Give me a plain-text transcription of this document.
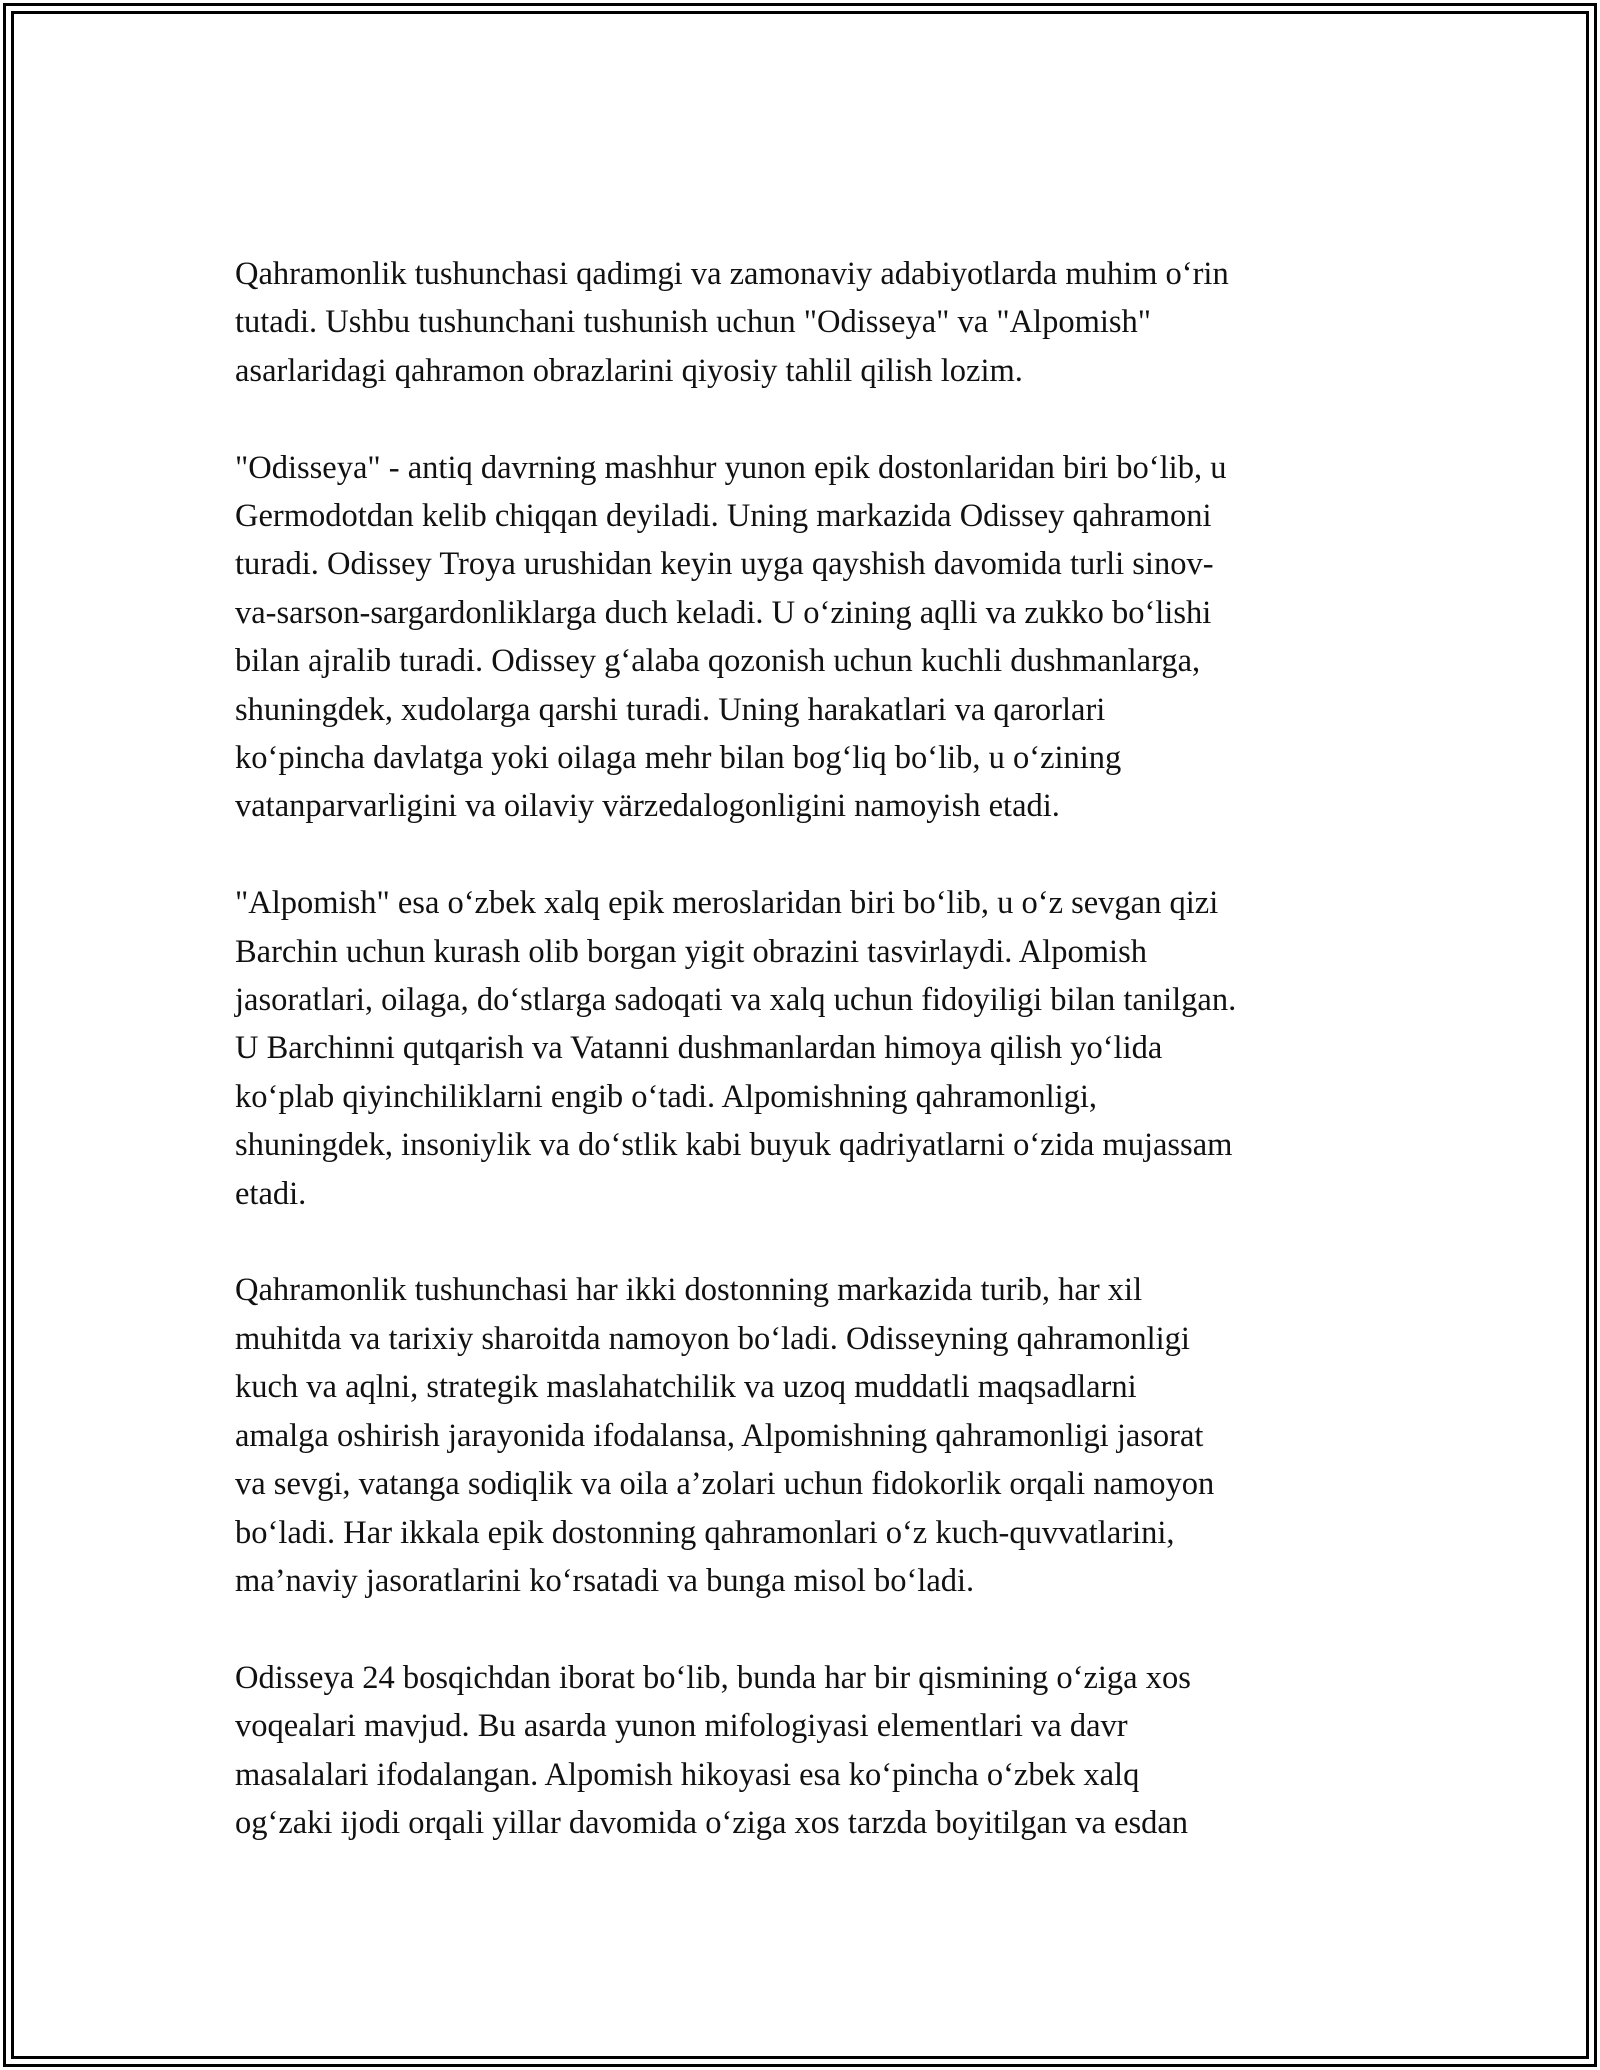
Qahramonlik tushunchasi qadimgi va zamonaviy adabiyotlarda muhim o‘rin
tutadi. Ushbu tushunchani tushunish uchun "Odisseya" va "Alpomish"
asarlaridagi qahramon obrazlarini qiyosiy tahlil qilish lozim.

"Odisseya" - antiq davrning mashhur yunon epik dostonlaridan biri bo‘lib, u
Germodotdan kelib chiqqan deyiladi. Uning markazida Odissey qahramoni
turadi. Odissey Troya urushidan keyin uyga qayshish davomida turli sinov-
va-sarson-sargardonliklarga duch keladi. U o‘zining aqlli va zukko bo‘lishi
bilan ajralib turadi. Odissey g‘alaba qozonish uchun kuchli dushmanlarga,
shuningdek, xudolarga qarshi turadi. Uning harakatlari va qarorlari
ko‘pincha davlatga yoki oilaga mehr bilan bog‘liq bo‘lib, u o‘zining
vatanparvarligini va oilaviy värzedalogonligini namoyish etadi.

"Alpomish" esa o‘zbek xalq epik meroslaridan biri bo‘lib, u o‘z sevgan qizi
Barchin uchun kurash olib borgan yigit obrazini tasvirlaydi. Alpomish
jasoratlari, oilaga, do‘stlarga sadoqati va xalq uchun fidoyiligi bilan tanilgan.
U Barchinni qutqarish va Vatanni dushmanlardan himoya qilish yo‘lida
ko‘plab qiyinchiliklarni engib o‘tadi. Alpomishning qahramonligi,
shuningdek, insoniylik va do‘stlik kabi buyuk qadriyatlarni o‘zida mujassam
etadi.

Qahramonlik tushunchasi har ikki dostonning markazida turib, har xil
muhitda va tarixiy sharoitda namoyon bo‘ladi. Odisseyning qahramonligi
kuch va aqlni, strategik maslahatchilik va uzoq muddatli maqsadlarni
amalga oshirish jarayonida ifodalansa, Alpomishning qahramonligi jasorat
va sevgi, vatanga sodiqlik va oila a’zolari uchun fidokorlik orqali namoyon
bo‘ladi. Har ikkala epik dostonning qahramonlari o‘z kuch-quvvatlarini,
ma’naviy jasoratlarini ko‘rsatadi va bunga misol bo‘ladi.

Odisseya 24 bosqichdan iborat bo‘lib, bunda har bir qismining o‘ziga xos
voqealari mavjud. Bu asarda yunon mifologiyasi elementlari va davr
masalalari ifodalangan. Alpomish hikoyasi esa ko‘pincha o‘zbek xalq
og‘zaki ijodi orqali yillar davomida o‘ziga xos tarzda boyitilgan va esdan
